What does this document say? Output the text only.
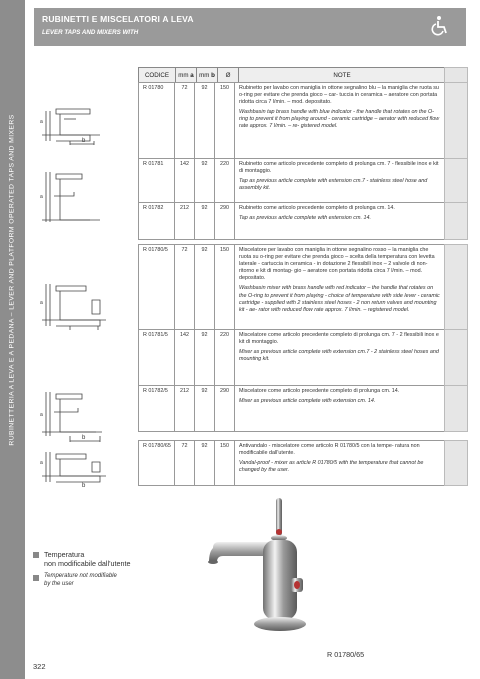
RUBINETTERIA A LEVA E A PEDANA – LEVER AND PLATFORM OPERATED TAPS AND MIXERS
RUBINETTI E MISCELATORI A LEVA
LEVER TAPS AND MIXERS WITH
CODICE	mm
a mm
b	Ø	NOTE
R 01780	72	92	150	Rubinetto per lavabo con maniglia in ottone segnalino blu – la maniglia che ruota su o-ring per evitare che prenda gioco – car- tuccia in ceramica – aeratore con portata ridotta circa 7 l/min. – mod. depositato.
Washbasin tap brass handle with blue indicator - the handle that rotates on the O-ring to prevent it from playing around - ceramic cartridge – aerator with reduced flow rate approx. 7 l/min. – re- gistered model.
R 01781	142	92	220	Rubinetto come articolo precedente completo di prolunga cm. 7 - flessibile inox e kit di montaggio.
Tap as previous article complete with extension cm.7 - stainless steel hose and assembly kit.
R 01782	212	92	290	Rubinetto come articolo precedente completo di prolunga cm. 14.
Tap as previous article complete with extension cm. 14.
R 01780/5	72	92	150	Miscelatore per lavabo con maniglia in ottone segnalino rosso – la maniglia che ruota su o-ring per evitare che prenda gioco – scelta della temperatura con levetta laterale - cartuccia in ceramica - in dotazione 2 flessibili inox – 2 valvole di non-ritorno e kit di montag- gio – aeratore con portata ridotta circa 7 l/min. – mod. depositato.
Washbasin mixer with brass handle with red indicator – the handle that rotates on the O-ring to prevent it from playing - choice of temperature with side lever - ceramic cartridge - supplied with 2 stainless steel hoses - 2 non return valves and mounting kit - ae- rator with reduced flow rate approx. 7 l/min. – registered model.
R 01781/5	142	92	220	Miscelatore come articolo precedente completo di prolunga cm. 7 - 2 flessibili inox e kit di montaggio.
Mixer as previous article complete with extension cm.7 - 2 stainless steel hoses and mounting kit.
R 01782/5	212	92	290	Miscelatore come articolo precedente completo di prolunga cm. 14.
Mixer as previous article complete with extension cm. 14.
R 01780/65	72	92	150	Antivandalo - miscelatore come articolo R 01780/5 con la tempe- ratura non modificabile dall'utente.
Vandal-proof - mixer as article R 01780/5 with the temperature that cannot be changed by the user.
b
a
a
a
b
a
b
a
Temperatura
non modificabile dall'utente
Temperature not modifiable
by the user
R 01780/65
322
